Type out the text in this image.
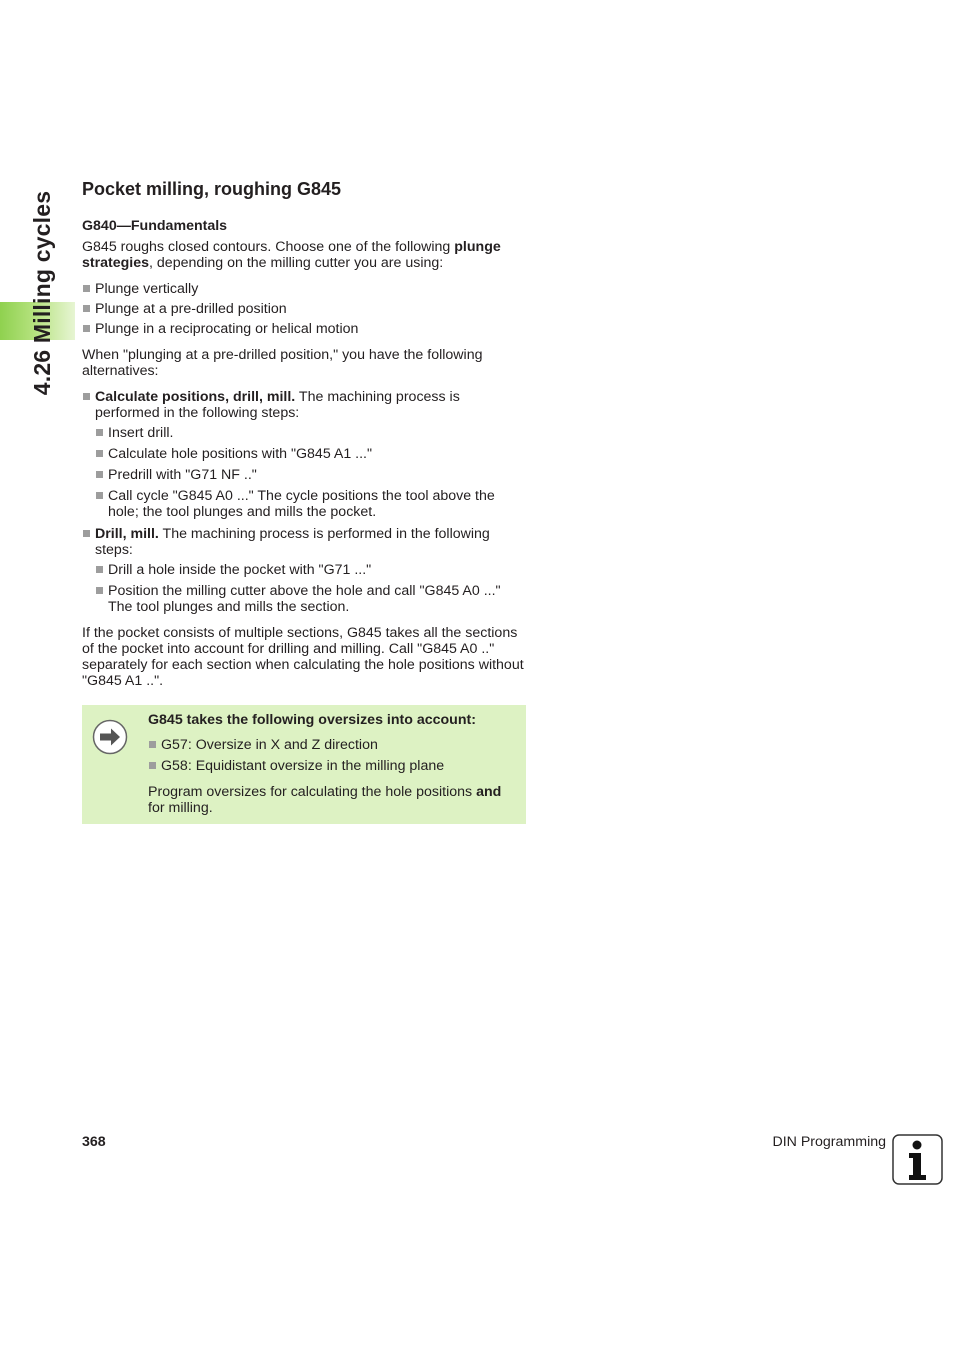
4.26 Milling cycles
Pocket milling, roughing G845
G840—Fundamentals

G845 roughs closed contours. Choose one of the following plunge strategies, depending on the milling cutter you are using:

Plunge vertically
Plunge at a pre-drilled position
Plunge in a reciprocating or helical motion

When "plunging at a pre-drilled position," you have the following alternatives:

Calculate positions, drill, mill. The machining process is performed in the following steps:
Insert drill.
Calculate hole positions with "G845 A1 ..."
Predrill with "G71 NF .."
Call cycle "G845 A0 ..." The cycle positions the tool above the hole; the tool plunges and mills the pocket.
Drill, mill. The machining process is performed in the following steps:
Drill a hole inside the pocket with "G71 ..."
Position the milling cutter above the hole and call "G845 A0 ..." The tool plunges and mills the section.

If the pocket consists of multiple sections, G845 takes all the sections of the pocket into account for drilling and milling. Call "G845 A0 .." separately for each section when calculating the hole positions without "G845 A1 ..".

G845 takes the following oversizes into account:
G57: Oversize in X and Z direction
G58: Equidistant oversize in the milling plane

Program oversizes for calculating the hole positions and for milling.

368	DIN Programming
